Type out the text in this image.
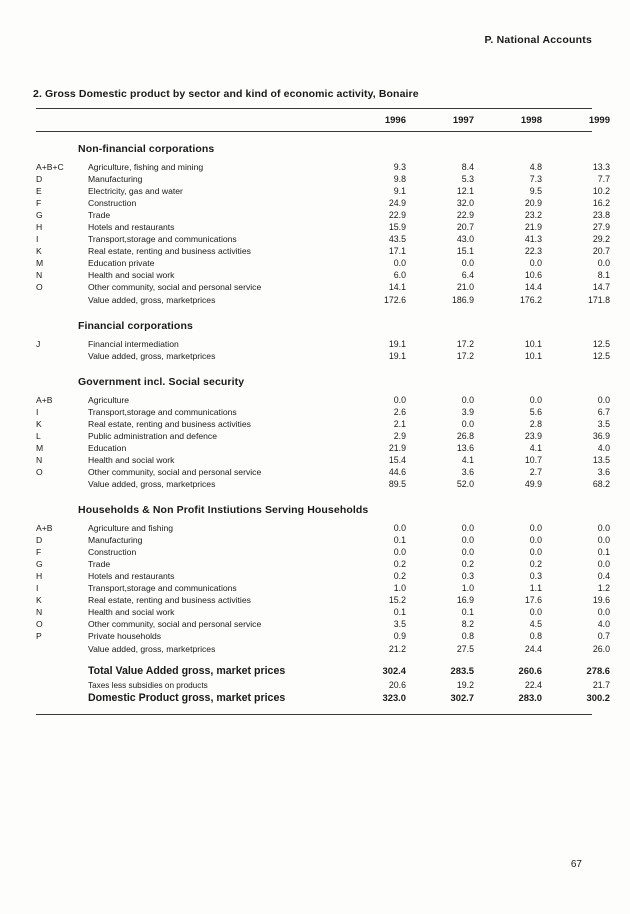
P. National Accounts
2. Gross Domestic product by sector and kind of economic activity, Bonaire
1996	1997	1998	1999
Non-financial corporations
A+B+C	Agriculture, fishing and mining	9.3	8.4	4.8	13.3
D	Manufacturing	9.8	5.3	7.3	7.7
E	Electricity, gas and water	9.1	12.1	9.5	10.2
F	Construction	24.9	32.0	20.9	16.2
G	Trade	22.9	22.9	23.2	23.8
H	Hotels and restaurants	15.9	20.7	21.9	27.9
I	Transport,storage and communications	43.5	43.0	41.3	29.2
K	Real estate, renting and business activities	17.1	15.1	22.3	20.7
M	Education private	0.0	0.0	0.0	0.0
N	Health and social work	6.0	6.4	10.6	8.1
O	Other community, social and personal service	14.1	21.0	14.4	14.7
Value added, gross, marketprices	172.6	186.9	176.2	171.8
Financial corporations
J	Financial intermediation	19.1	17.2	10.1	12.5
Value added, gross, marketprices	19.1	17.2	10.1	12.5
Government incl. Social security
A+B	Agriculture	0.0	0.0	0.0	0.0
I	Transport,storage and communications	2.6	3.9	5.6	6.7
K	Real estate, renting and business activities	2.1	0.0	2.8	3.5
L	Public administration and defence	2.9	26.8	23.9	36.9
M	Education	21.9	13.6	4.1	4.0
N	Health and social work	15.4	4.1	10.7	13.5
O	Other community, social and personal service	44.6	3.6	2.7	3.6
Value added, gross, marketprices	89.5	52.0	49.9	68.2
Households & Non Profit Instiutions Serving Households
A+B	Agriculture and fishing	0.0	0.0	0.0	0.0
D	Manufacturing	0.1	0.0	0.0	0.0
F	Construction	0.0	0.0	0.0	0.1
G	Trade	0.2	0.2	0.2	0.0
H	Hotels and restaurants	0.2	0.3	0.3	0.4
I	Transport,storage and communications	1.0	1.0	1.1	1.2
K	Real estate, renting and business activities	15.2	16.9	17.6	19.6
N	Health and social work	0.1	0.1	0.0	0.0
O	Other community, social and personal service	3.5	8.2	4.5	4.0
P	Private households	0.9	0.8	0.8	0.7
Value added, gross, marketprices	21.2	27.5	24.4	26.0
Total Value Added gross, market prices	302.4	283.5	260.6	278.6
Taxes less subsidies on products	20.6	19.2	22.4	21.7
Domestic Product gross, market prices	323.0	302.7	283.0	300.2
67
